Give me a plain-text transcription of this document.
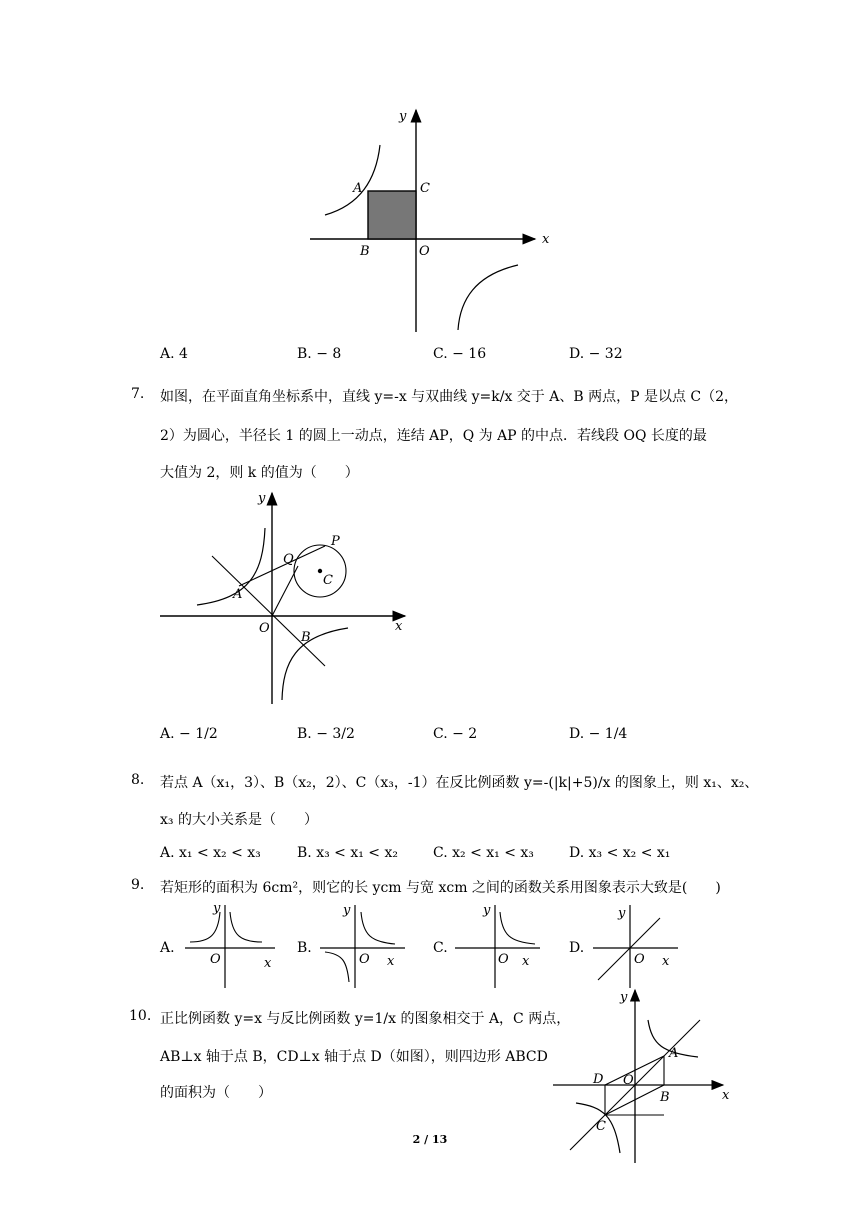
y
x
A	C
B	O
A. 4	B. − 8	C. − 16	D. − 32
7. 如图，在平面直角坐标系中，直线 y=-x 与双曲线 y=k/x 交于 A、B 两点，P 是以点 C（2，
2）为圆心，半径长 1 的圆上一动点，连结 AP，Q 为 AP 的中点．若线段 OQ 长度的最
大值为 2，则 k 的值为（　　）
y
x
A
Q
P
C
O
B
A. − 1/2	B. − 3/2	C. − 2	D. − 1/4
8. 若点 A（x₁，3）、B（x₂，2）、C（x₃，-1）在反比例函数 y=-(|k|+5)/x 的图象上，则 x₁、x₂、
x₃ 的大小关系是（　　）
A. x₁ < x₂ < x₃	B. x₃ < x₁ < x₂	C. x₂ < x₁ < x₃	D. x₃ < x₂ < x₁
9. 若矩形的面积为 6cm²，则它的长 ycm 与宽 xcm 之间的函数关系用图象表示大致是(　　)
A.
y
O	x
B.
y
O x
C.
y
O x
D.
y
O x
10. 正比例函数 y=x 与反比例函数 y=1/x 的图象相交于 A，C 两点，
AB⊥x 轴于点 B，CD⊥x 轴于点 D（如图），则四边形 ABCD
的面积为（　　）
y
x
A
B
C
D O
2 / 13
